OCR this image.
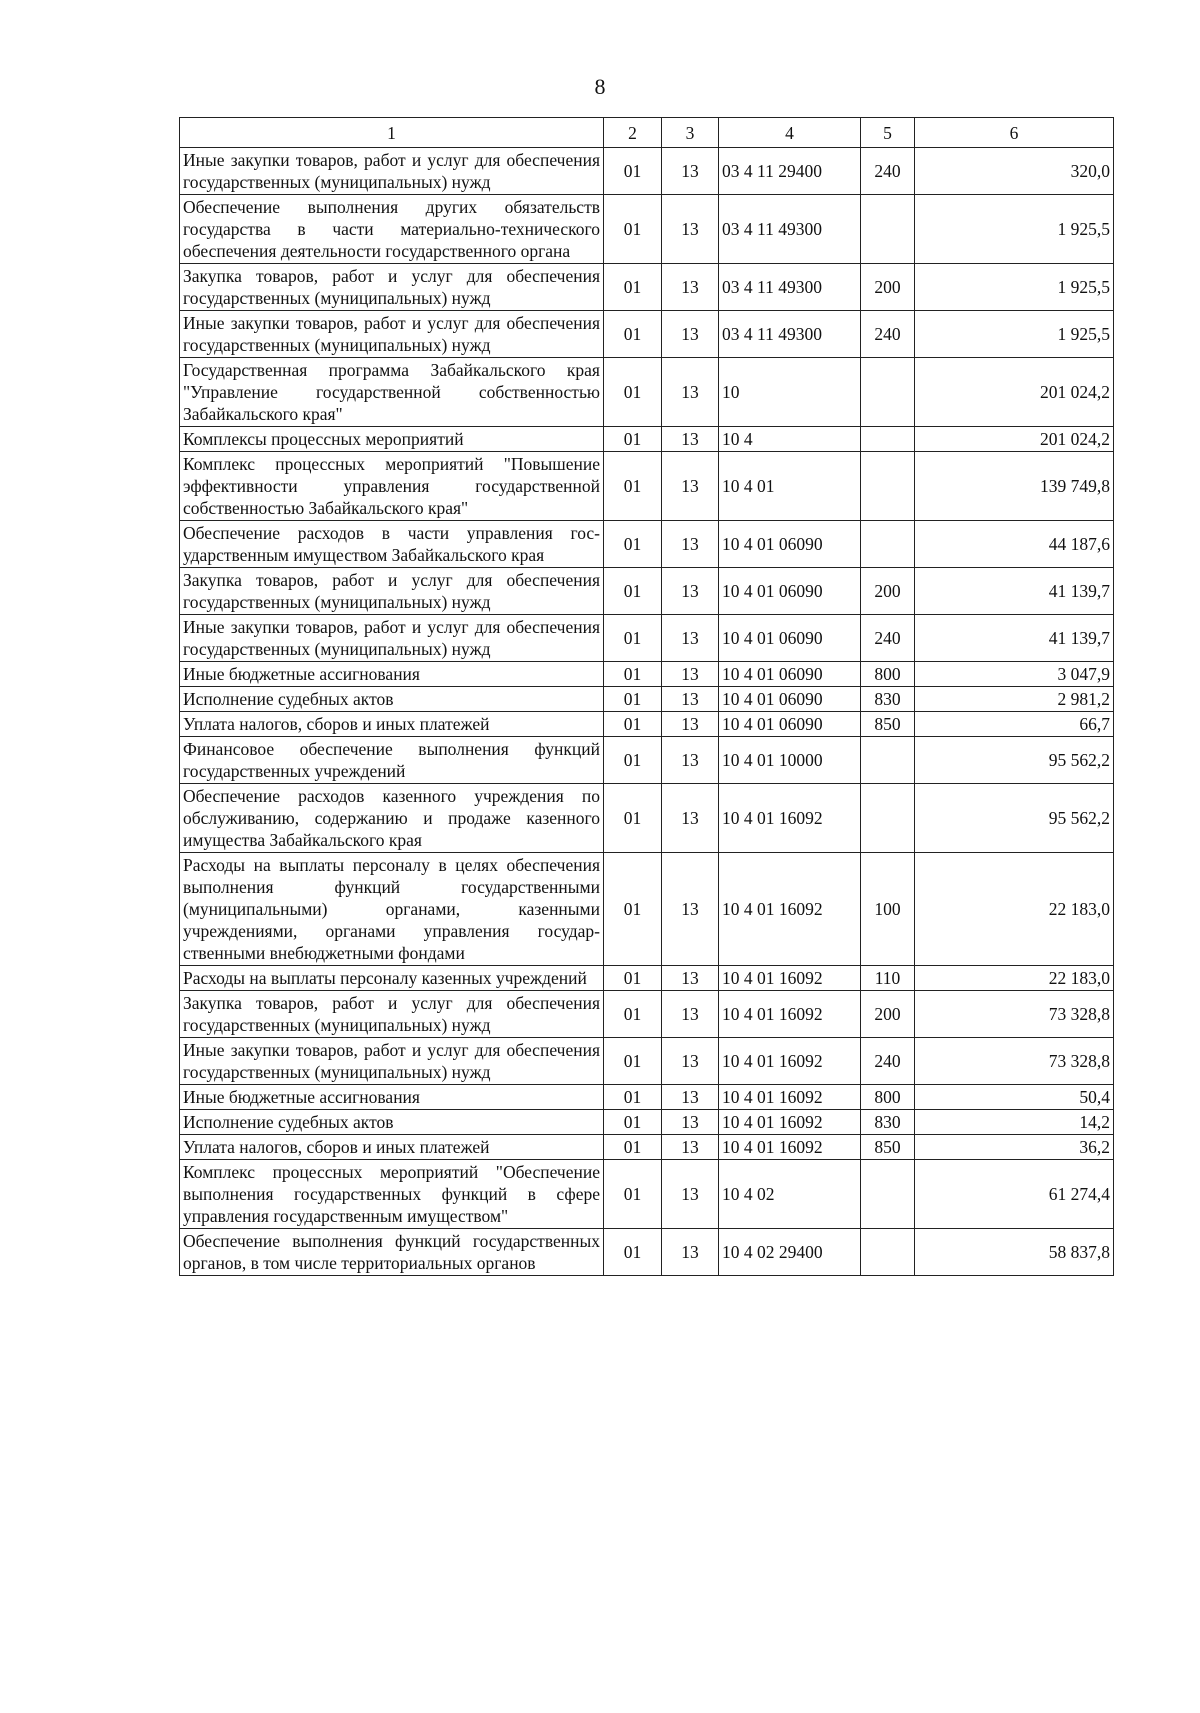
8
1	2	3	4	5	6
Иные закупки товаров, работ и услуг для обеспечения государственных (муниципальных) нужд	01	13	03 4 11 29400	240	320,0
Обеспечение выполнения других обязательств государства в части материально-технического обеспечения деятельности государственного органа	01	13	03 4 11 49300		1 925,5
Закупка товаров, работ и услуг для обеспечения государственных (муниципальных) нужд	01	13	03 4 11 49300	200	1 925,5
Иные закупки товаров, работ и услуг для обеспечения государственных (муниципальных) нужд	01	13	03 4 11 49300	240	1 925,5
Государственная программа Забайкальского края "Управление государственной собственностью Забайкальского края"	01	13	10		201 024,2
Комплексы процессных мероприятий	01	13	10 4		201 024,2
Комплекс процессных мероприятий "Повышение эффективности управления государственной собственностью Забайкальского края"	01	13	10 4 01		139 749,8
Обеспечение расходов в части управления государственным имуществом Забайкальского края	01	13	10 4 01 06090		44 187,6
Закупка товаров, работ и услуг для обеспечения государственных (муниципальных) нужд	01	13	10 4 01 06090	200	41 139,7
Иные закупки товаров, работ и услуг для обеспечения государственных (муниципальных) нужд	01	13	10 4 01 06090	240	41 139,7
Иные бюджетные ассигнования	01	13	10 4 01 06090	800	3 047,9
Исполнение судебных актов	01	13	10 4 01 06090	830	2 981,2
Уплата налогов, сборов и иных платежей	01	13	10 4 01 06090	850	66,7
Финансовое обеспечение выполнения функций государственных учреждений	01	13	10 4 01 10000		95 562,2
Обеспечение расходов казенного учреждения по обслуживанию, содержанию и продаже казенного имущества Забайкальского края	01	13	10 4 01 16092		95 562,2
Расходы на выплаты персоналу в целях обеспечения выполнения функций государственными (муниципальными) органами, казенными учреждениями, органами управления государственными внебюджетными фондами	01	13	10 4 01 16092	100	22 183,0
Расходы на выплаты персоналу казенных учреждений	01	13	10 4 01 16092	110	22 183,0
Закупка товаров, работ и услуг для обеспечения государственных (муниципальных) нужд	01	13	10 4 01 16092	200	73 328,8
Иные закупки товаров, работ и услуг для обеспечения государственных (муниципальных) нужд	01	13	10 4 01 16092	240	73 328,8
Иные бюджетные ассигнования	01	13	10 4 01 16092	800	50,4
Исполнение судебных актов	01	13	10 4 01 16092	830	14,2
Уплата налогов, сборов и иных платежей	01	13	10 4 01 16092	850	36,2
Комплекс процессных мероприятий "Обеспечение выполнения государственных функций в сфере управления государственным имуществом"	01	13	10 4 02		61 274,4
Обеспечение выполнения функций государственных органов, в том числе территориальных органов	01	13	10 4 02 29400		58 837,8
